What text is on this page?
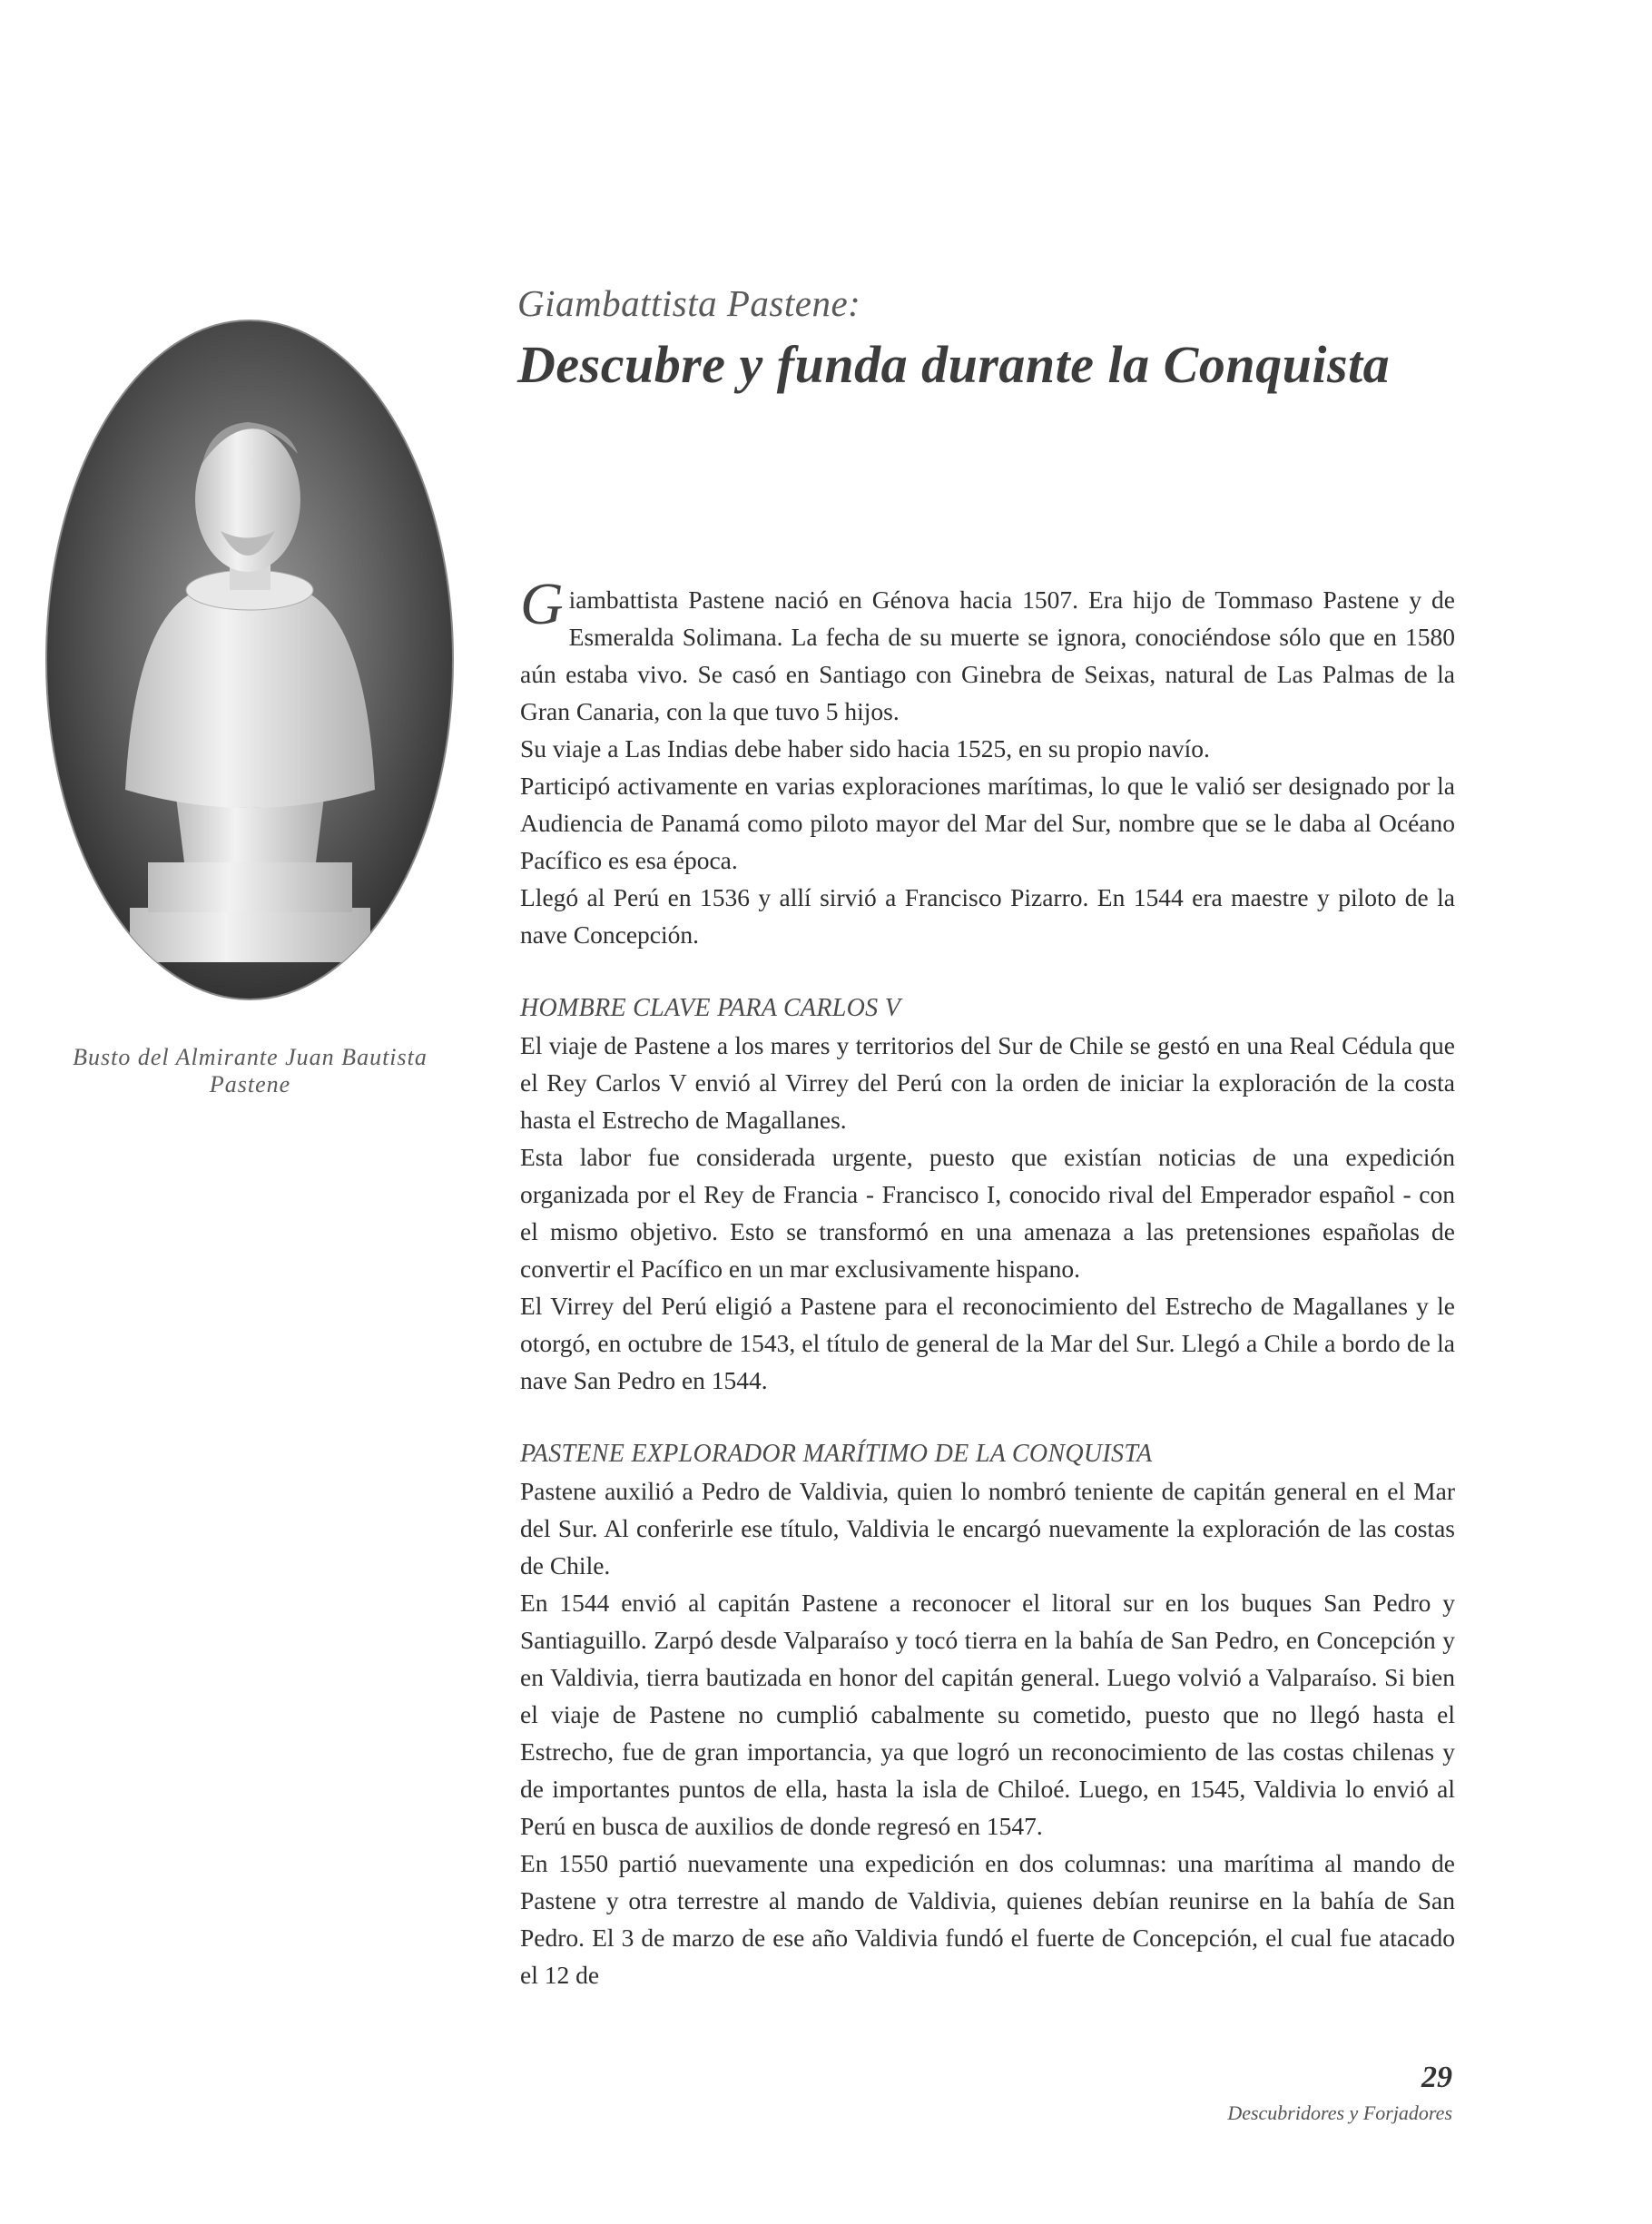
Giambattista Pastene:
Descubre y funda durante la Conquista
Busto del Almirante Juan Bautista Pastene

Giambattista Pastene nació en Génova hacia 1507. Era hijo de Tommaso Pastene y de Esmeralda Solimana. La fecha de su muerte se ignora, conociéndose sólo que en 1580 aún estaba vivo. Se casó en Santiago con Ginebra de Seixas, natural de Las Palmas de la Gran Canaria, con la que tuvo 5 hijos.

Su viaje a Las Indias debe haber sido hacia 1525, en su propio navío.

Participó activamente en varias exploraciones marítimas, lo que le valió ser designado por la Audiencia de Panamá como piloto mayor del Mar del Sur, nombre que se le daba al Océano Pacífico es esa época.

Llegó al Perú en 1536 y allí sirvió a Francisco Pizarro. En 1544 era maestre y piloto de la nave Concepción.

HOMBRE CLAVE PARA CARLOS V

El viaje de Pastene a los mares y territorios del Sur de Chile se gestó en una Real Cédula que el Rey Carlos V envió al Virrey del Perú con la orden de iniciar la exploración de la costa hasta el Estrecho de Magallanes.

Esta labor fue considerada urgente, puesto que existían noticias de una expedición organizada por el Rey de Francia - Francisco I, conocido rival del Emperador español - con el mismo objetivo. Esto se transformó en una amenaza a las pretensiones españolas de convertir el Pacífico en un mar exclusivamente hispano.

El Virrey del Perú eligió a Pastene para el reconocimiento del Estrecho de Magallanes y le otorgó, en octubre de 1543, el título de general de la Mar del Sur. Llegó a Chile a bordo de la nave San Pedro en 1544.

PASTENE EXPLORADOR MARÍTIMO DE LA CONQUISTA

Pastene auxilió a Pedro de Valdivia, quien lo nombró teniente de capitán general en el Mar del Sur. Al conferirle ese título, Valdivia le encargó nuevamente la exploración de las costas de Chile.

En 1544 envió al capitán Pastene a reconocer el litoral sur en los buques San Pedro y Santiaguillo. Zarpó desde Valparaíso y tocó tierra en la bahía de San Pedro, en Concepción y en Valdivia, tierra bautizada en honor del capitán general. Luego volvió a Valparaíso. Si bien el viaje de Pastene no cumplió cabalmente su cometido, puesto que no llegó hasta el Estrecho, fue de gran importancia, ya que logró un reconocimiento de las costas chilenas y de importantes puntos de ella, hasta la isla de Chiloé. Luego, en 1545, Valdivia lo envió al Perú en busca de auxilios de donde regresó en 1547.

En 1550 partió nuevamente una expedición en dos columnas: una marítima al mando de Pastene y otra terrestre al mando de Valdivia, quienes debían reunirse en la bahía de San Pedro. El 3 de marzo de ese año Valdivia fundó el fuerte de Concepción, el cual fue atacado el 12 de

29
Descubridores y Forjadores
